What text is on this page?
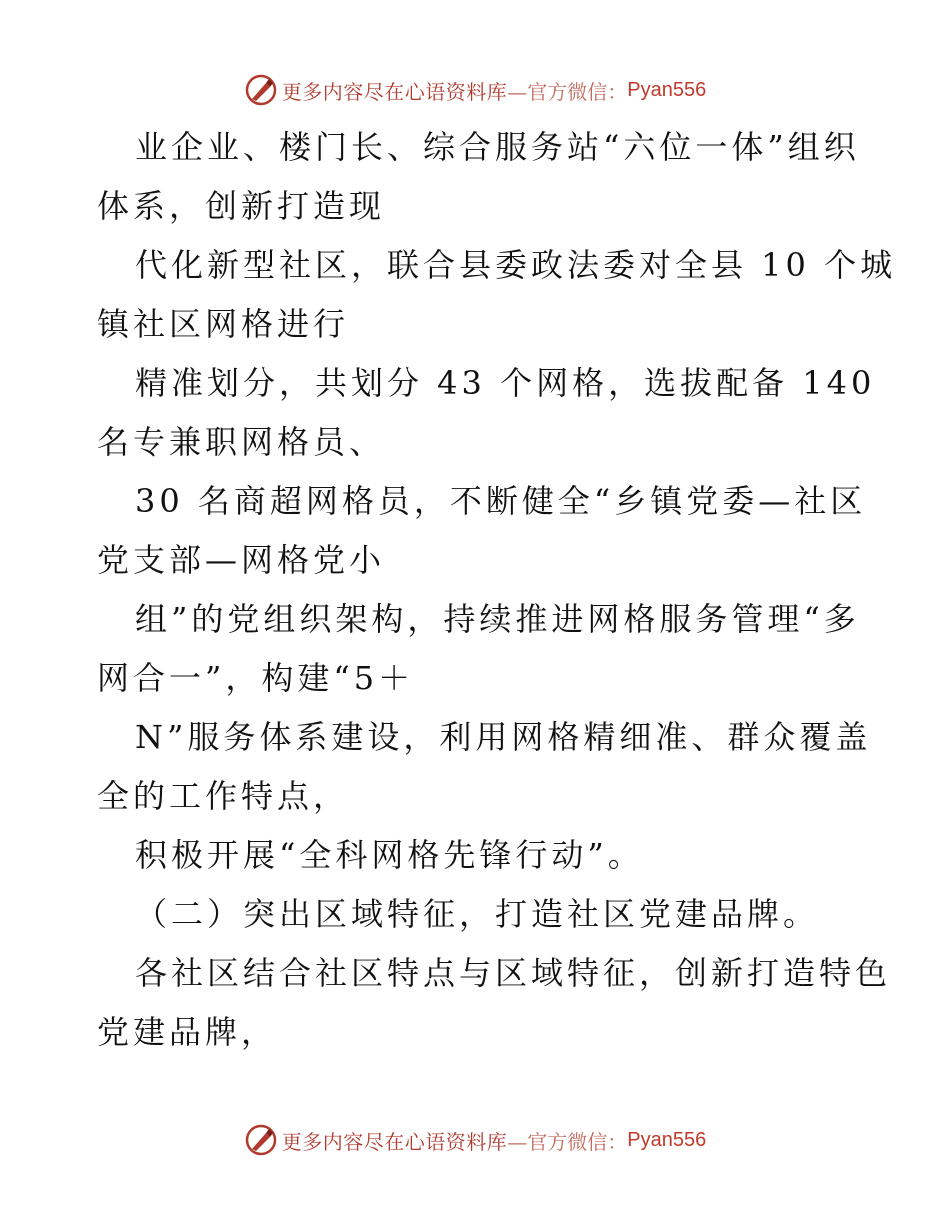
更多内容尽在心语资料库 —官方微信： Pyan556
业企业、楼门长、综合服务站“六位一体”组织
体系，创新打造现
代化新型社区，联合县委政法委对全县 10 个城
镇社区网格进行
精准划分，共划分 43 个网格，选拔配备 140
名专兼职网格员、
30 名商超网格员，不断健全“乡镇党委—社区
党支部—网格党小
组”的党组织架构，持续推进网格服务管理“多
网合一”，构建“5＋
N”服务体系建设，利用网格精细准、群众覆盖
全的工作特点，
积极开展“全科网格先锋行动”。
（二）突出区域特征，打造社区党建品牌。
各社区结合社区特点与区域特征，创新打造特色
党建品牌，
更多内容尽在心语资料库 —官方微信： Pyan556
